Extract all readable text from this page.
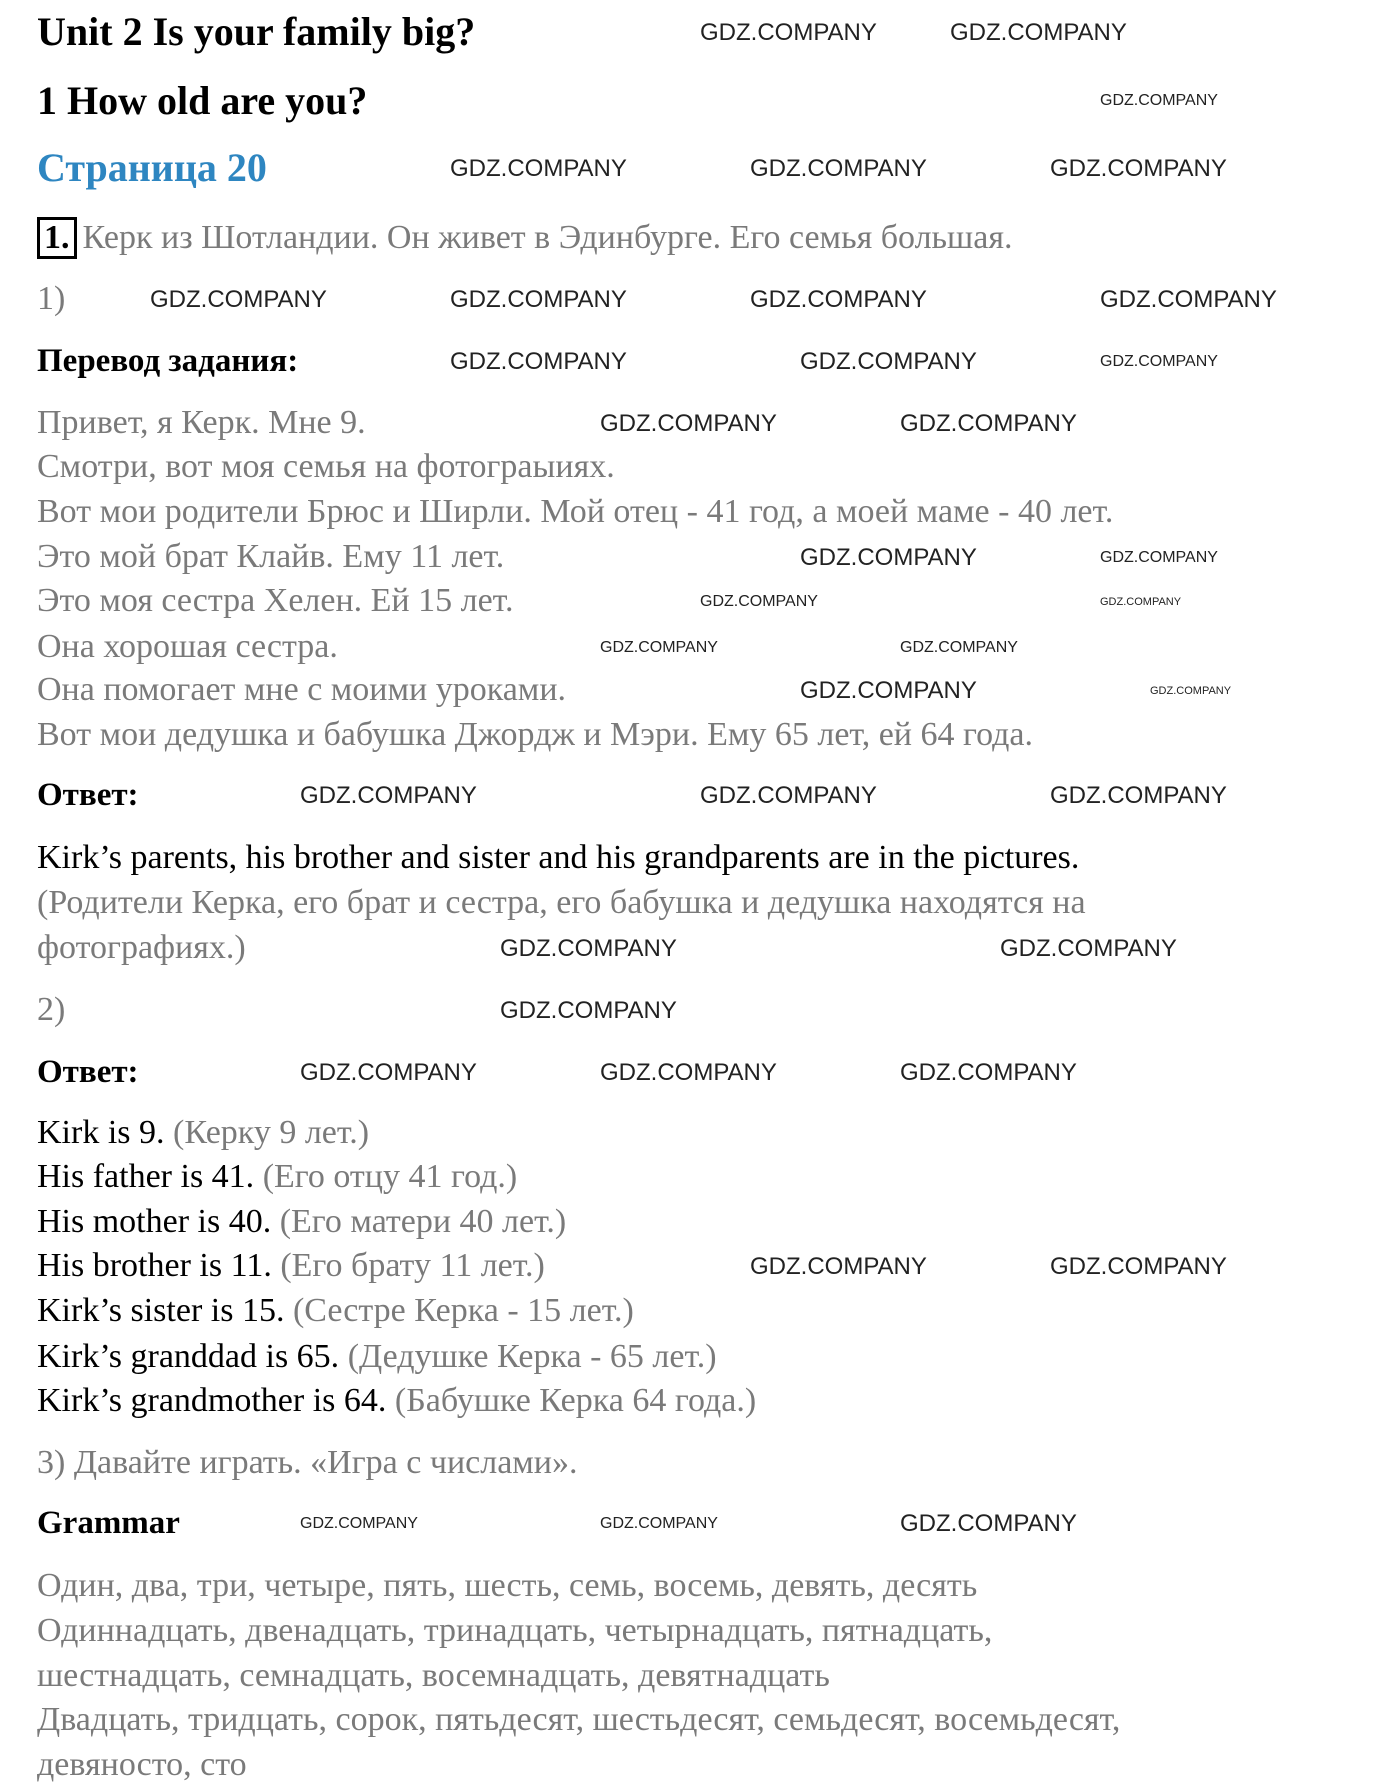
Unit 2 Is your family big?
1 How old are you?
Страница 20
1. Керк из Шотландии. Он живет в Эдинбурге. Его семья большая.
1)
Перевод задания:
Привет, я Керк. Мне 9.
Смотри, вот моя семья на фотограыиях.
Вот мои родители Брюс и Ширли. Мой отец - 41 год, а моей маме - 40 лет.
Это мой брат Клайв. Ему 11 лет.
Это моя сестра Хелен. Ей 15 лет.
Она хорошая сестра.
Она помогает мне с моими уроками.
Вот мои дедушка и бабушка Джордж и Мэри. Ему 65 лет, ей 64 года.
Ответ:
Kirk’s parents, his brother and sister and his grandparents are in the pictures.
(Родители Керка, его брат и сестра, его бабушка и дедушка находятся на
фотографиях.)
2)
Ответ:
Kirk is 9. (Керку 9 лет.)
His father is 41. (Его отцу 41 год.)
His mother is 40. (Его матери 40 лет.)
His brother is 11. (Его брату 11 лет.)
Kirk’s sister is 15. (Сестре Керка - 15 лет.)
Kirk’s granddad is 65. (Дедушке Керка - 65 лет.)
Kirk’s grandmother is 64. (Бабушке Керка 64 года.)
3) Давайте играть. «Игра с числами».
Grammar
Один, два, три, четыре, пять, шесть, семь, восемь, девять, десять
Одиннадцать, двенадцать, тринадцать, четырнадцать, пятнадцать,
шестнадцать, семнадцать, восемнадцать, девятнадцать
Двадцать, тридцать, сорок, пятьдесят, шестьдесят, семьдесят, восемьдесят,
девяносто, сто
GDZ.COMPANY	GDZ.COMPANY
GDZ.COMPANY
GDZ.COMPANY	GDZ.COMPANY	GDZ.COMPANY
GDZ.COMPANY	GDZ.COMPANY	GDZ.COMPANY	GDZ.COMPANY
GDZ.COMPANY	GDZ.COMPANY	GDZ.COMPANY
GDZ.COMPANY	GDZ.COMPANY
GDZ.COMPANY	GDZ.COMPANY
GDZ.COMPANY	GDZ.COMPANY
GDZ.COMPANY	GDZ.COMPANY
GDZ.COMPANY	GDZ.COMPANY
GDZ.COMPANY	GDZ.COMPANY	GDZ.COMPANY
GDZ.COMPANY	GDZ.COMPANY
GDZ.COMPANY
GDZ.COMPANY	GDZ.COMPANY	GDZ.COMPANY
GDZ.COMPANY	GDZ.COMPANY
GDZ.COMPANY	GDZ.COMPANY	GDZ.COMPANY
